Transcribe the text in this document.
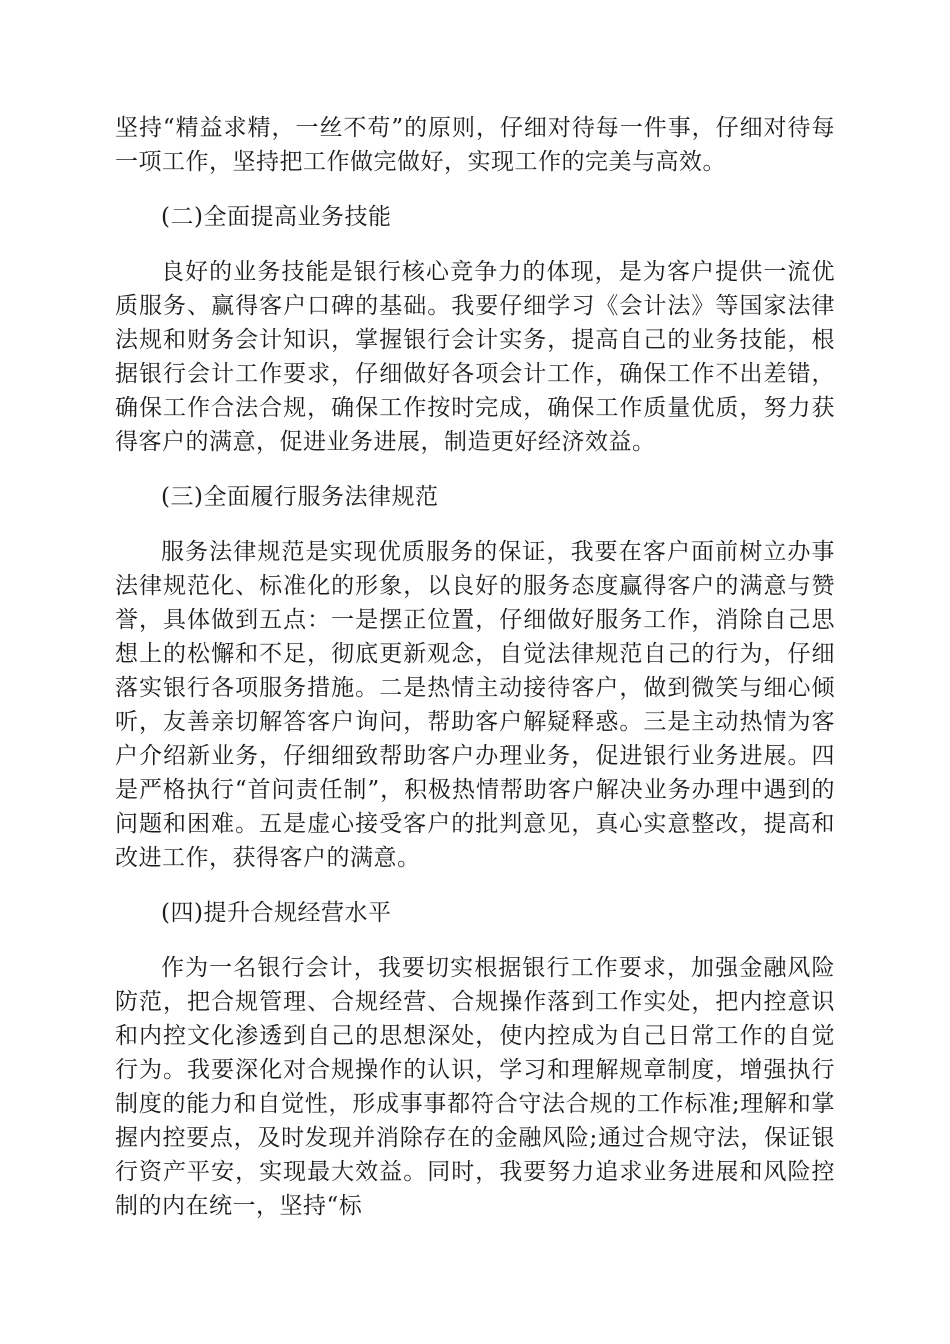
坚持“精益求精，一丝不苟”的原则，仔细对待每一件事，仔细对待每一项工作，坚持把工作做完做好，实现工作的完美与高效。

(二)全面提高业务技能

良好的业务技能是银行核心竞争力的体现，是为客户提供一流优质服务、赢得客户口碑的基础。我要仔细学习《会计法》等国家法律法规和财务会计知识，掌握银行会计实务，提高自己的业务技能，根据银行会计工作要求，仔细做好各项会计工作，确保工作不出差错，确保工作合法合规，确保工作按时完成，确保工作质量优质，努力获得客户的满意，促进业务进展，制造更好经济效益。

(三)全面履行服务法律规范

服务法律规范是实现优质服务的保证，我要在客户面前树立办事法律规范化、标准化的形象，以良好的服务态度赢得客户的满意与赞誉，具体做到五点：一是摆正位置，仔细做好服务工作，消除自己思想上的松懈和不足，彻底更新观念，自觉法律规范自己的行为，仔细落实银行各项服务措施。二是热情主动接待客户，做到微笑与细心倾听，友善亲切解答客户询问，帮助客户解疑释惑。三是主动热情为客户介绍新业务，仔细细致帮助客户办理业务，促进银行业务进展。四是严格执行“首问责任制”，积极热情帮助客户解决业务办理中遇到的问题和困难。五是虚心接受客户的批判意见，真心实意整改，提高和改进工作，获得客户的满意。

(四)提升合规经营水平

作为一名银行会计，我要切实根据银行工作要求，加强金融风险防范，把合规管理、合规经营、合规操作落到工作实处，把内控意识和内控文化渗透到自己的思想深处，使内控成为自己日常工作的自觉行为。我要深化对合规操作的认识，学习和理解规章制度，增强执行制度的能力和自觉性，形成事事都符合守法合规的工作标准;理解和掌握内控要点，及时发现并消除存在的金融风险;通过合规守法，保证银行资产平安，实现最大效益。同时，我要努力追求业务进展和风险控制的内在统一，坚持“标
